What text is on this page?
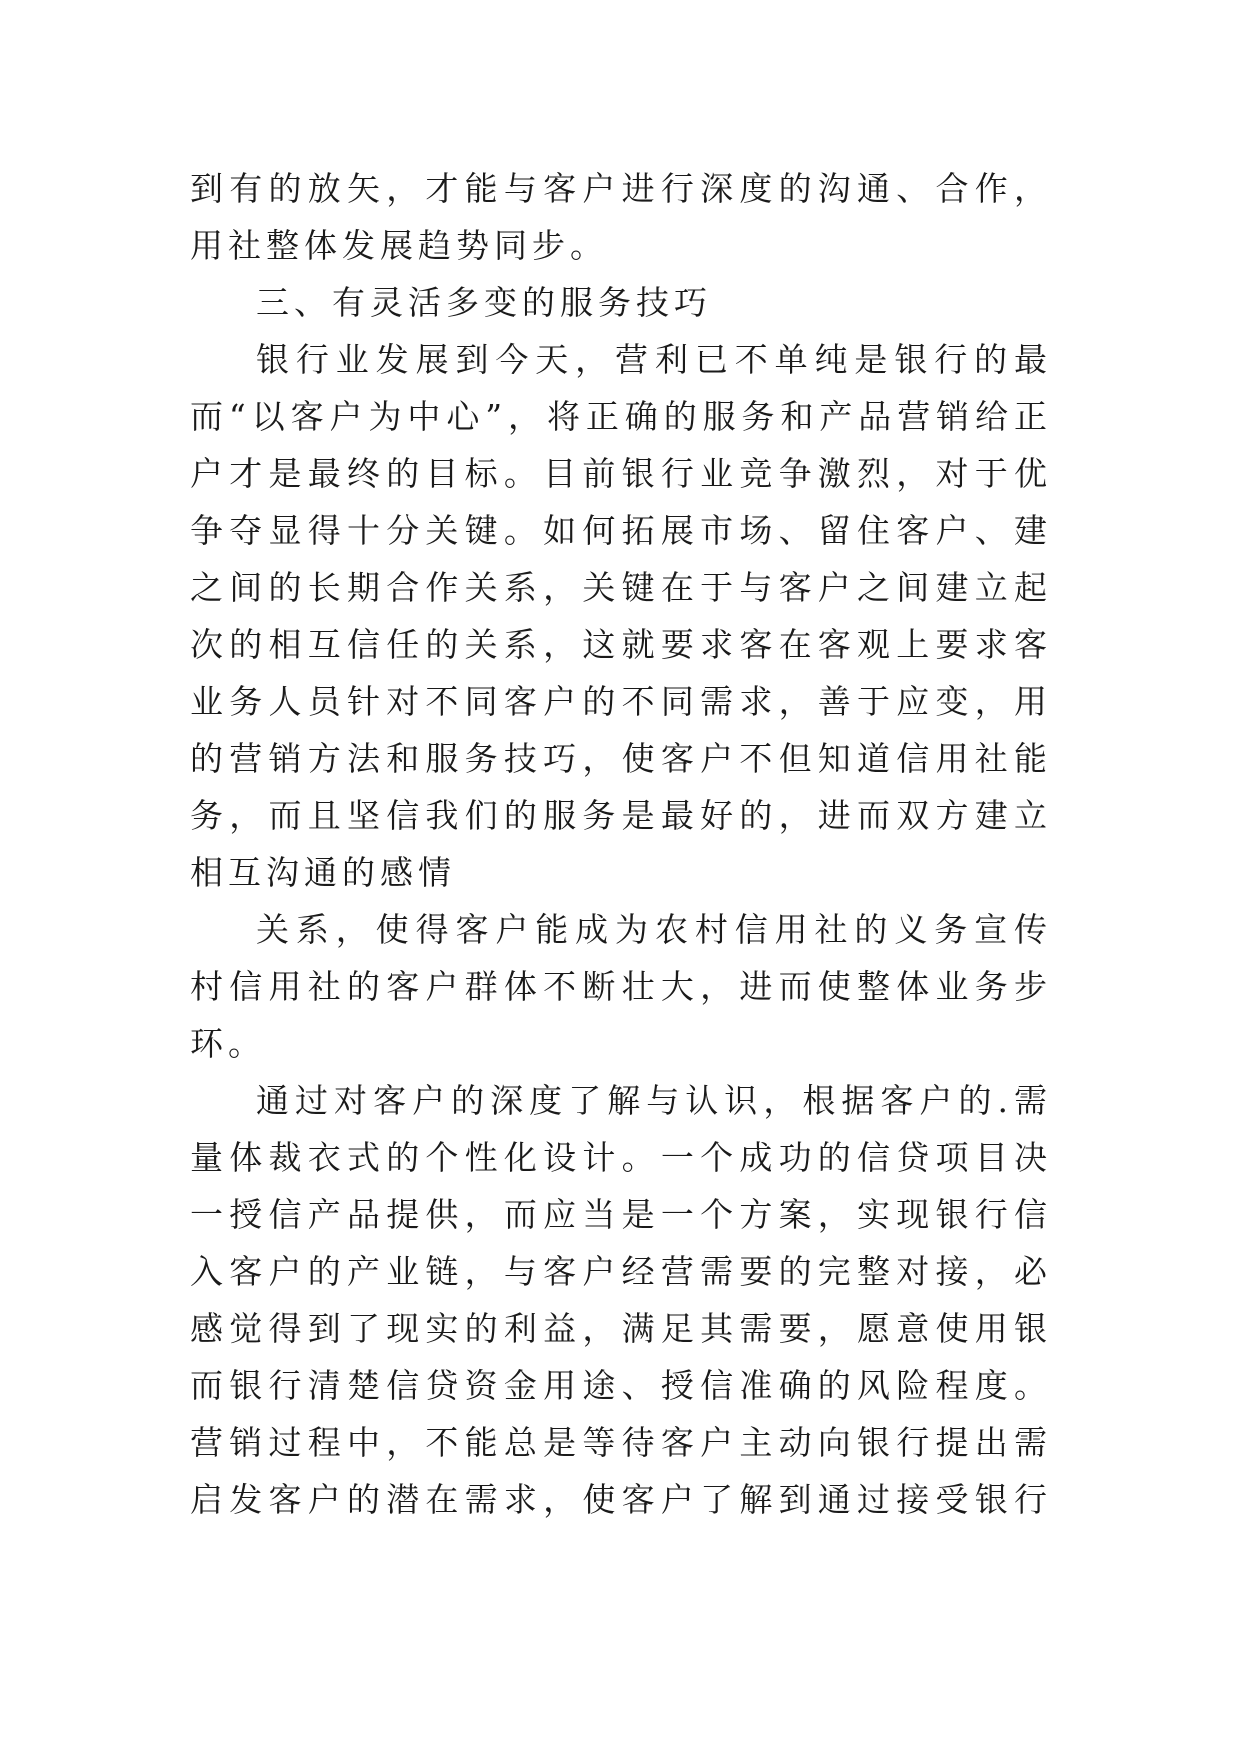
到有的放矢，才能与客户进行深度的沟通、合作，
用社整体发展趋势同步。
三、有灵活多变的服务技巧
银行业发展到今天，营利已不单纯是银行的最
而“以客户为中心”，将正确的服务和产品营销给正
户才是最终的目标。目前银行业竞争激烈，对于优
争夺显得十分关键。如何拓展市场、留住客户、建
之间的长期合作关系，关键在于与客户之间建立起
次的相互信任的关系，这就要求客在客观上要求客
业务人员针对不同客户的不同需求，善于应变，用
的营销方法和服务技巧，使客户不但知道信用社能
务，而且坚信我们的服务是最好的，进而双方建立
相互沟通的感情
关系，使得客户能成为农村信用社的义务宣传
村信用社的客户群体不断壮大，进而使整体业务步
环。
通过对客户的深度了解与认识，根据客户的.需
量体裁衣式的个性化设计。一个成功的信贷项目决
一授信产品提供，而应当是一个方案，实现银行信
入客户的产业链，与客户经营需要的完整对接，必
感觉得到了现实的利益，满足其需要，愿意使用银
而银行清楚信贷资金用途、授信准确的风险程度。
营销过程中，不能总是等待客户主动向银行提出需
启发客户的潜在需求，使客户了解到通过接受银行
